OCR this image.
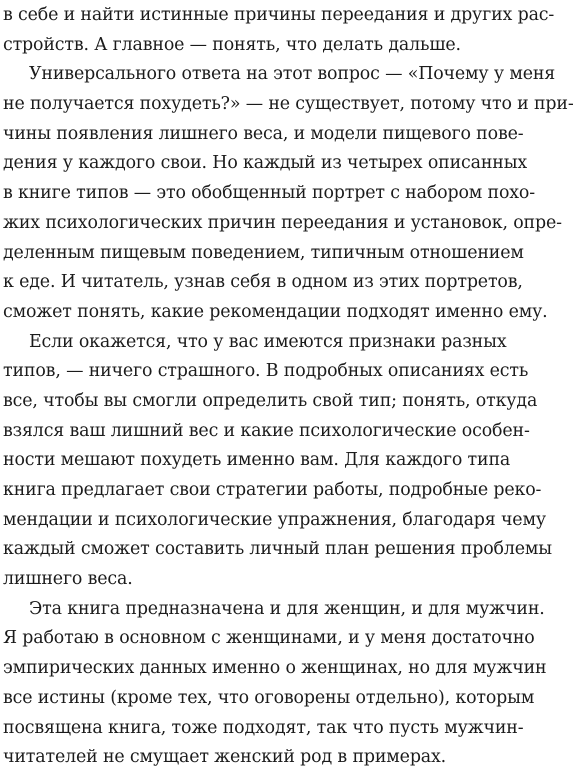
в себе и найти истинные причины переедания и других рас-
стройств. А главное — понять, что делать дальше.
Универсального ответа на этот вопрос — «Почему у меня
не получается похудеть?» — не существует, потому что и при-
чины появления лишнего веса, и модели пищевого пове-
дения у каждого свои. Но каждый из четырех описанных
в книге типов — это обобщенный портрет с набором похо-
жих психологических причин переедания и установок, опре-
деленным пищевым поведением, типичным отношением
к еде. И читатель, узнав себя в одном из этих портретов,
сможет понять, какие рекомендации подходят именно ему.
Если окажется, что у вас имеются признаки разных
типов, — ничего страшного. В подробных описаниях есть
все, чтобы вы смогли определить свой тип; понять, откуда
взялся ваш лишний вес и какие психологические особен-
ности мешают похудеть именно вам. Для каждого типа
книга предлагает свои стратегии работы, подробные реко-
мендации и психологические упражнения, благодаря чему
каждый сможет составить личный план решения проблемы
лишнего веса.
Эта книга предназначена и для женщин, и для мужчин.
Я работаю в основном с женщинами, и у меня достаточно
эмпирических данных именно о женщинах, но для мужчин
все истины (кроме тех, что оговорены отдельно), которым
посвящена книга, тоже подходят, так что пусть мужчин-
читателей не смущает женский род в примерах.
